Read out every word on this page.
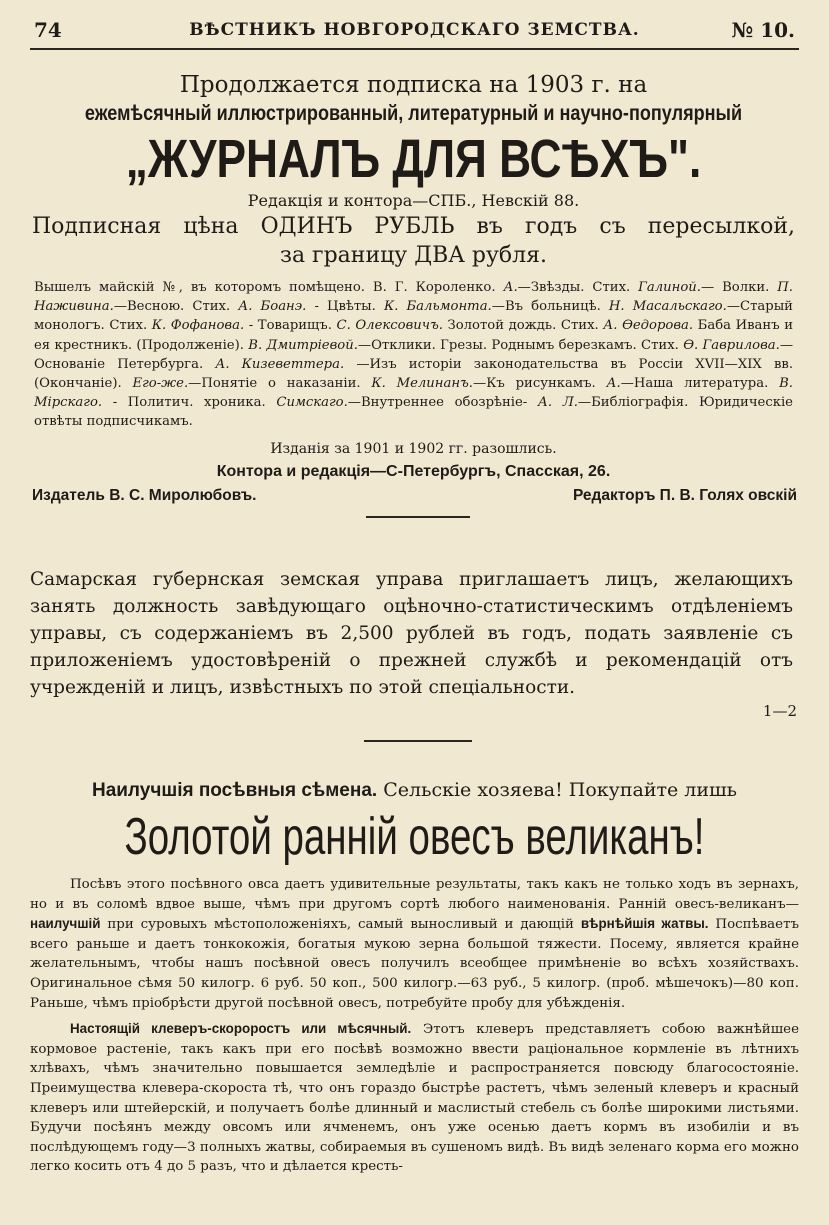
74	ВѢСТНИКЪ НОВГОРОДСКАГО ЗЕМСТВА.	№ 10.
Продолжается подписка на 1903 г. на
ежемѣсячный иллюстрированный, литературный и научно-популярный
„ЖУРНАЛЪ ДЛЯ ВСѢХЪ".
Редакція и контора—СПБ., Невскій 88.
Подписная цѣна ОДИНЪ РУБЛЬ въ годъ съ пересылкой,
за границу ДВА рубля.
Вышелъ майскій №, въ которомъ помѣщено. В. Г. Короленко. А.—Звѣзды. Стих. Галиной.— Волки. П. Наживина.—Весною. Стих. А. Боанэ. - Цвѣты. К. Бальмонта.—Въ больницѣ. Н. Масальскаго.—Старый монологъ. Стих. К. Фофанова. - Товарищъ. С. Олексовичъ. Золотой дождь. Стих. А. Өедорова. Баба Иванъ и ея крестникъ. (Продолженіе). В. Дмитріевой.—Отклики. Грезы. Роднымъ березкамъ. Стих. Ө. Гаврилова.— Основаніе Петербурга. А. Кизеветтера. —Изъ исторіи законодательства въ Россіи XVII—XIX вв. (Окончаніе). Его-же.—Понятіе о наказаніи. К. Мелинанъ.—Къ рисункамъ. А.—Наша литература. В. Мірскаго. - Политич. хроника. Симскаго.—Внутреннее обозрѣніе- А. Л.—Библіографія. Юридическіе отвѣты подписчикамъ.
Изданія за 1901 и 1902 гг. разошлись.
Контора и редакція—С-Петербургъ, Спасская, 26.
Издатель В. С. Миролюбовъ.	Редакторъ П. В. Голях овскій
Самарская губернская земская управа приглашаетъ лицъ, желающихъ занять должность завѣдующаго оцѣночно-статистическимъ отдѣленіемъ управы, съ содержаніемъ въ 2,500 рублей въ годъ, подать заявленіе съ приложеніемъ удостовѣреній о прежней службѣ и рекомендацій отъ учрежденій и лицъ, извѣстныхъ по этой спеціальности.
1—2
Наилучшія посѣвныя сѣмена. Сельскіе хозяева! Покупайте лишь
Золотой ранній овесъ великанъ!
Посѣвъ этого посѣвного овса даетъ удивительные результаты, такъ какъ не только ходъ въ зернахъ, но и въ соломѣ вдвое выше, чѣмъ при другомъ сортѣ любого наименованія. Ранній овесъ-великанъ— наилучшій при суровыхъ мѣстоположеніяхъ, самый выносливый и дающій вѣрнѣйшія жатвы. Поспѣваетъ всего раньше и даетъ тонкокожія, богатыя мукою зерна большой тяжести. Посему, является крайне желательнымъ, чтобы нашъ посѣвной овесъ получилъ всеобщее примѣненіе во всѣхъ хозяйствахъ. Оригинальное сѣмя 50 килогр. 6 руб. 50 коп., 500 килогр.—63 руб., 5 килогр. (проб. мѣшечокъ)—80 коп. Раньше, чѣмъ пріобрѣсти другой посѣвной овесъ, потребуйте пробу для убѣжденія.
Настоящій клеверъ-скороростъ или мѣсячный. Этотъ клеверъ представляетъ собою важнѣйшее кормовое растеніе, такъ какъ при его посѣвѣ возможно ввести раціональное кормленіе въ лѣтнихъ хлѣвахъ, чѣмъ значительно повышается земледѣліе и распространяется повсюду благосостояніе. Преимущества клевера-скороста тѣ, что онъ гораздо быстрѣе растетъ, чѣмъ зеленый клеверъ и красный клеверъ или штейерскій, и получаетъ болѣе длинный и маслистый стебель съ болѣе широкими листьями. Будучи посѣянъ между овсомъ или ячменемъ, онъ уже осенью даетъ кормъ въ изобиліи и въ послѣдующемъ году—3 полныхъ жатвы, собираемыя въ сушеномъ видѣ. Въ видѣ зеленаго корма его можно легко косить отъ 4 до 5 разъ, что и дѣлается кресть-
